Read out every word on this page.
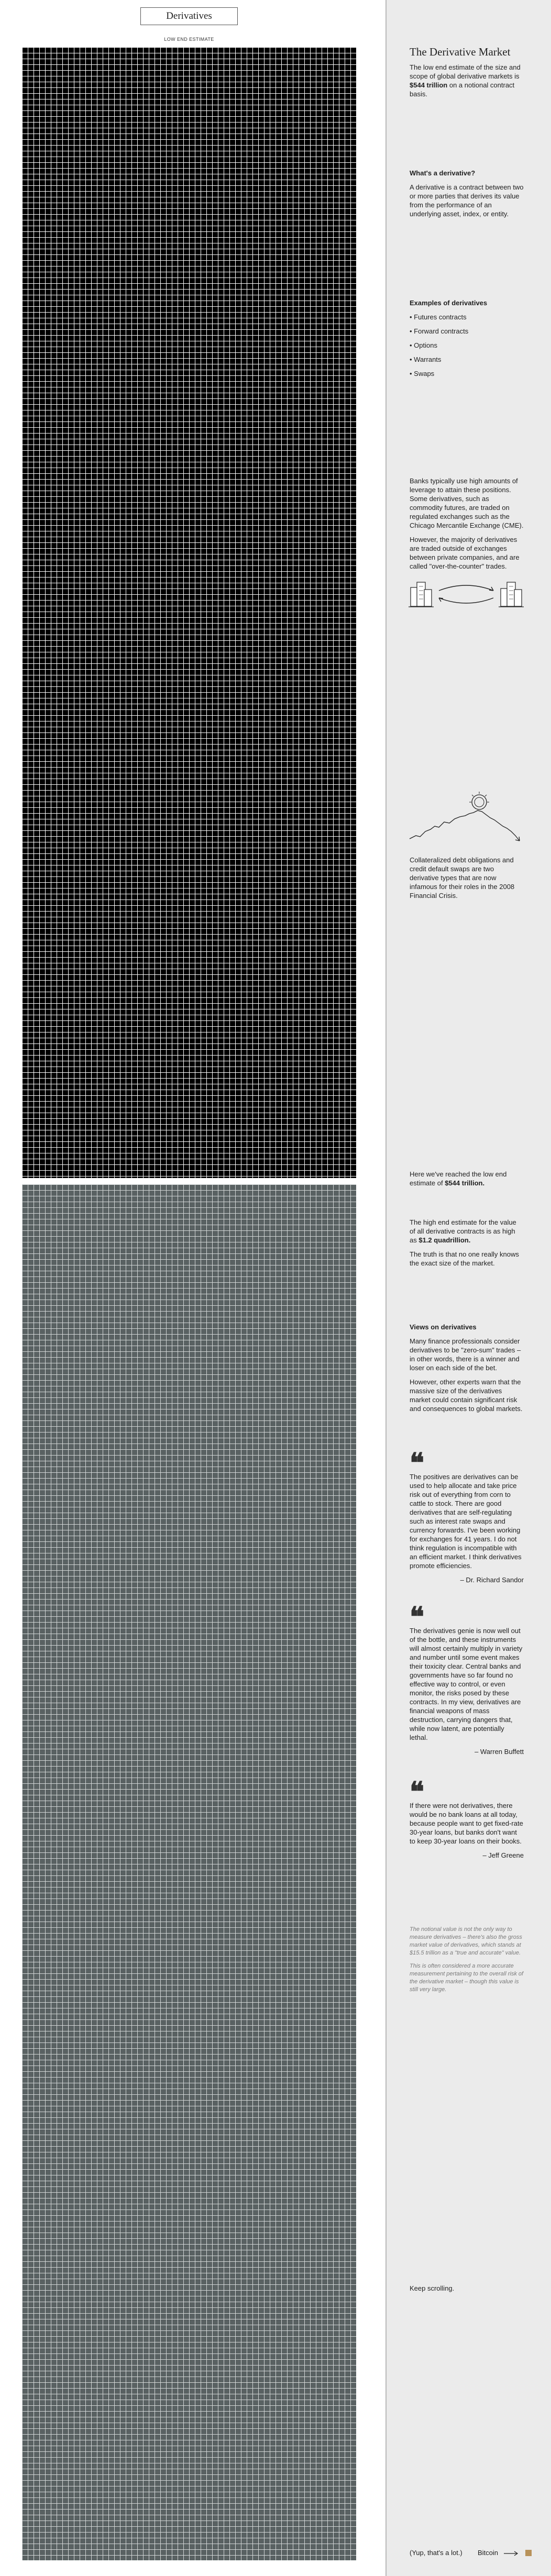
Derivatives
LOW END ESTIMATE
The Derivative Market

The low end estimate of the size and scope of global derivative markets is $544 trillion on a notional contract basis.

What's a derivative?

A derivative is a contract between two or more parties that derives its value from the performance of an underlying asset, index, or entity.

Examples of derivatives
• Futures contracts
• Forward contracts
• Options
• Warrants
• Swaps

Banks typically use high amounts of leverage to attain these positions. Some derivatives, such as commodity futures, are traded on regulated exchanges such as the Chicago Mercantile Exchange (CME).

However, the majority of derivatives are traded outside of exchanges between private companies, and are called "over-the-counter" trades.

Collateralized debt obligations and credit default swaps are two derivative types that are now infamous for their roles in the 2008 Financial Crisis.

Here we've reached the low end estimate of $544 trillion.

The high end estimate for the value of all derivative contracts is as high as $1.2 quadrillion.

The truth is that no one really knows the exact size of the market.

Views on derivatives

Many finance professionals consider derivatives to be "zero-sum" trades – in other words, there is a winner and loser on each side of the bet.

However, other experts warn that the massive size of the derivatives market could contain significant risk and consequences to global markets.

❝

The positives are derivatives can be used to help allocate and take price risk out of everything from corn to cattle to stock. There are good derivatives that are self-regulating such as interest rate swaps and currency forwards. I've been working for exchanges for 41 years. I do not think regulation is incompatible with an efficient market. I think derivatives promote efficiencies.

– Dr. Richard Sandor

❝

The derivatives genie is now well out of the bottle, and these instruments will almost certainly multiply in variety and number until some event makes their toxicity clear. Central banks and governments have so far found no effective way to control, or even monitor, the risks posed by these contracts. In my view, derivatives are financial weapons of mass destruction, carrying dangers that, while now latent, are potentially lethal.

– Warren Buffett

❝

If there were not derivatives, there would be no bank loans at all today, because people want to get fixed-rate 30-year loans, but banks don't want to keep 30-year loans on their books.

– Jeff Greene

The notional value is not the only way to measure derivatives – there's also the gross market value of derivatives, which stands at $15.5 trillion as a "true and accurate" value.

This is often considered a more accurate measurement pertaining to the overall risk of the derivative market – though this value is still very large.

Keep scrolling.

(Yup, that's a lot.) Bitcoin
